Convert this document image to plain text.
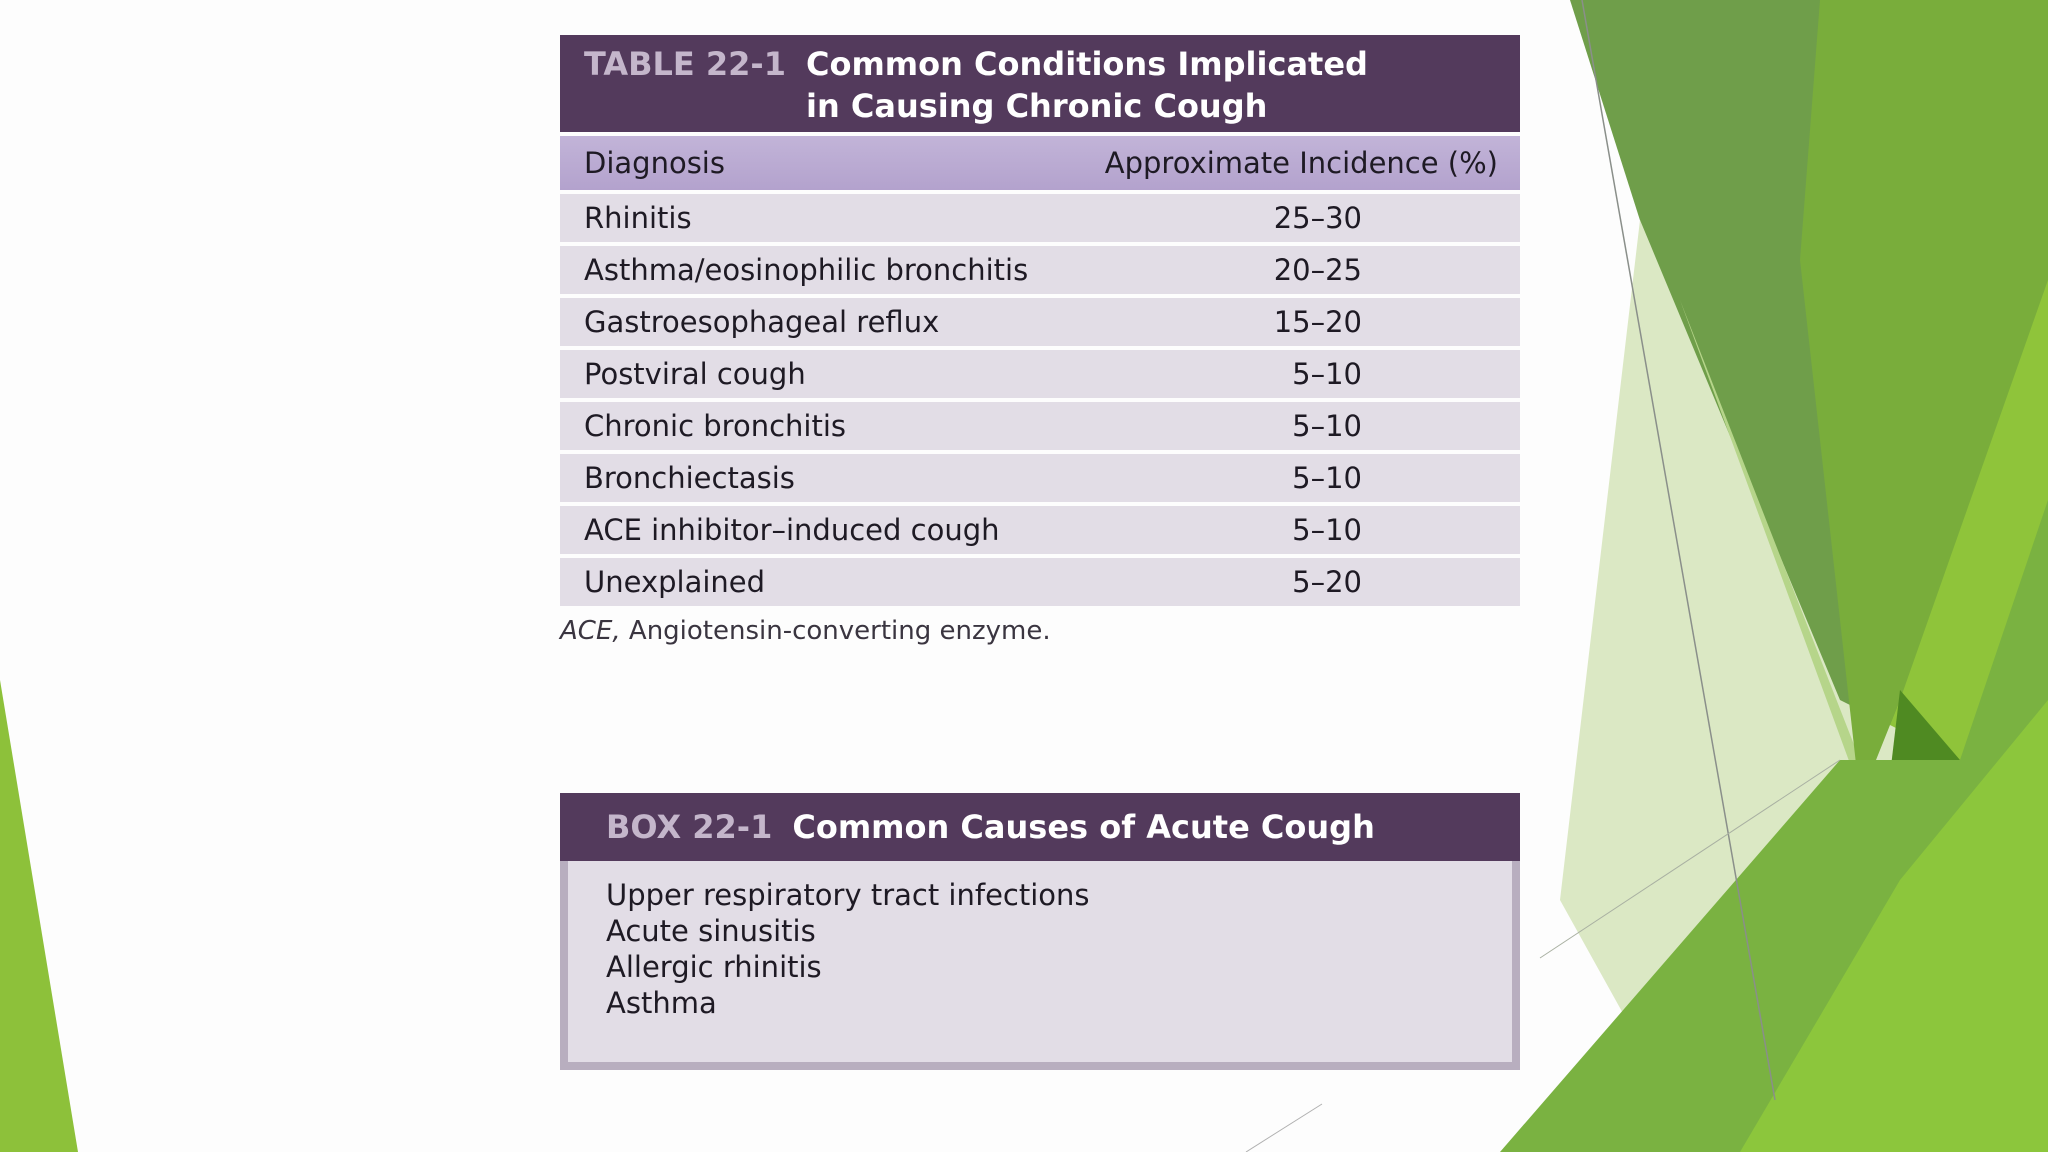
TABLE 22-1 Common Conditions Implicated
in Causing Chronic Cough
Diagnosis	Approximate Incidence (%)
Rhinitis	25–30
Asthma/eosinophilic bronchitis	20–25
Gastroesophageal reflux	15–20
Postviral cough	5–10
Chronic bronchitis	5–10
Bronchiectasis	5–10
ACE inhibitor–induced cough	5–10
Unexplained	5–20
ACE, Angiotensin-converting enzyme.
BOX 22-1 Common Causes of Acute Cough
Upper respiratory tract infections
Acute sinusitis
Allergic rhinitis
Asthma
